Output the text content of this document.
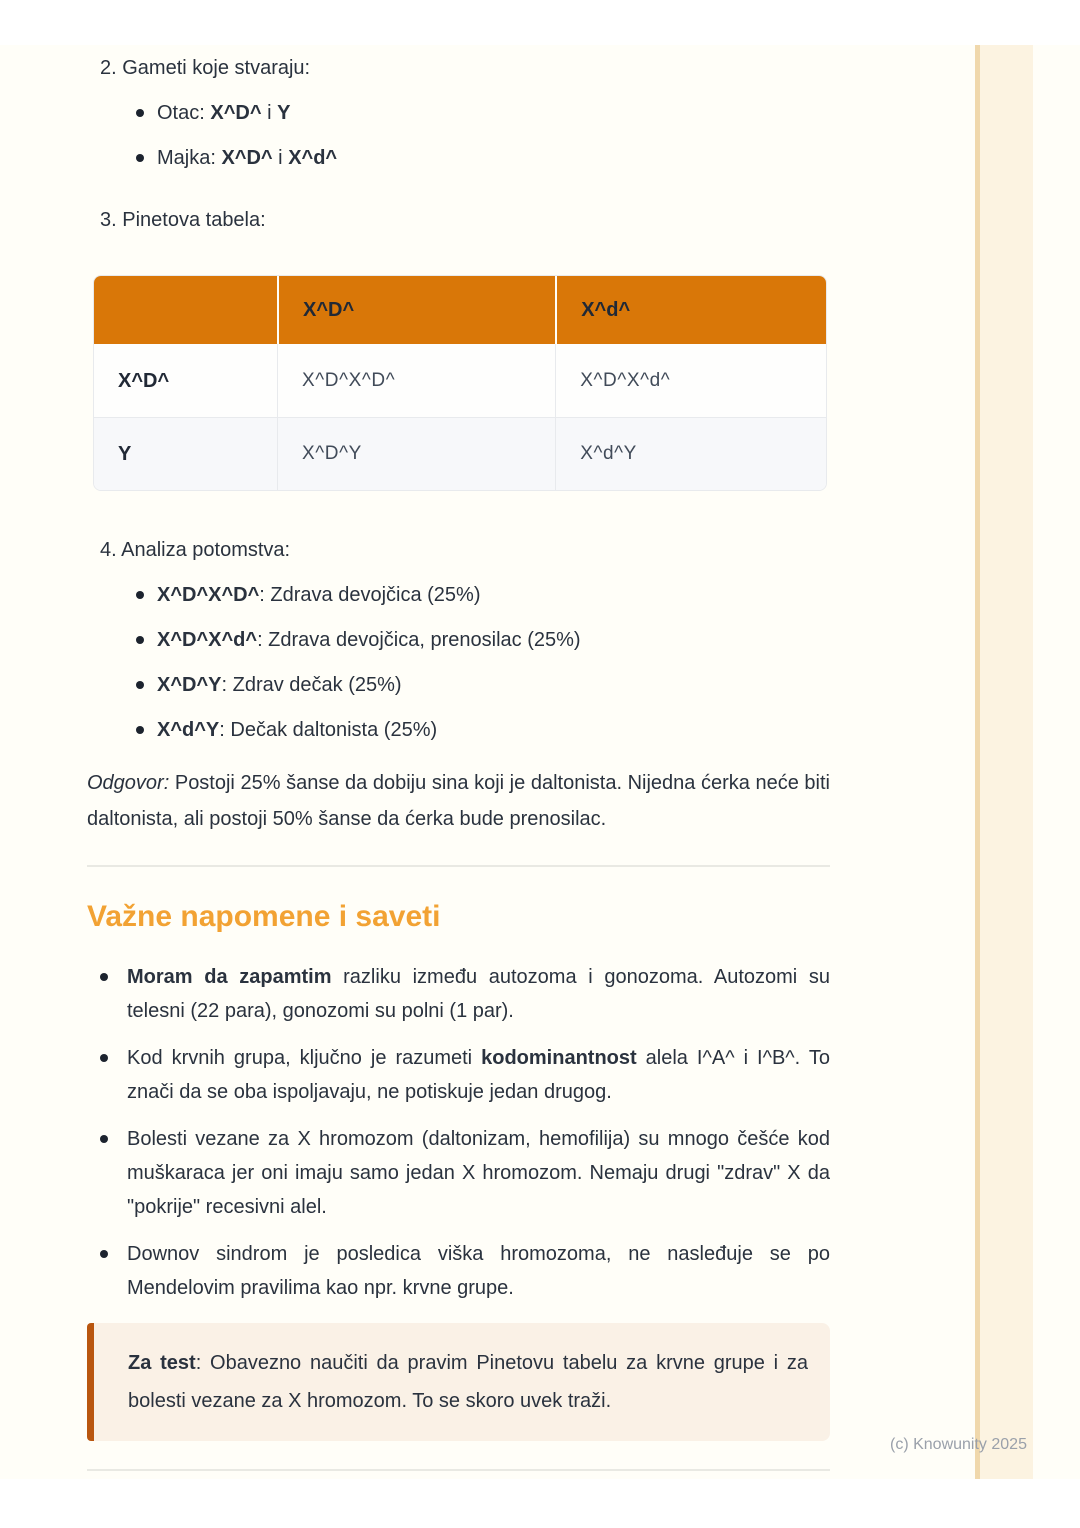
2. Gameti koje stvaraju:

Otac: X^D^ i Y
Majka: X^D^ i X^d^

3. Pinetova tabela:

	X^D^	X^d^
X^D^	X^D^X^D^	X^D^X^d^
Y	X^D^Y	X^d^Y

4. Analiza potomstva:

X^D^X^D^: Zdrava devojčica (25%)
X^D^X^d^: Zdrava devojčica, prenosilac (25%)
X^D^Y: Zdrav dečak (25%)
X^d^Y: Dečak daltonista (25%)

Odgovor: Postoji 25% šanse da dobiju sina koji je daltonista. Nijedna ćerka neće biti daltonista, ali postoji 50% šanse da ćerka bude prenosilac.

Važne napomene i saveti
Moram da zapamtim razliku između autozoma i gonozoma. Autozomi su telesni (22 para), gonozomi su polni (1 par).
Kod krvnih grupa, ključno je razumeti kodominantnost alela I^A^ i I^B^. To znači da se oba ispoljavaju, ne potiskuje jedan drugog.
Bolesti vezane za X hromozom (daltonizam, hemofilija) su mnogo češće kod muškaraca jer oni imaju samo jedan X hromozom. Nemaju drugi "zdrav" X da "pokrije" recesivni alel.
Downov sindrom je posledica viška hromozoma, ne nasleđuje se po Mendelovim pravilima kao npr. krvne grupe.
Za test: Obavezno naučiti da pravim Pinetovu tabelu za krvne grupe i za bolesti vezane za X hromozom. To se skoro uvek traži.
(c) Knowunity 2025
